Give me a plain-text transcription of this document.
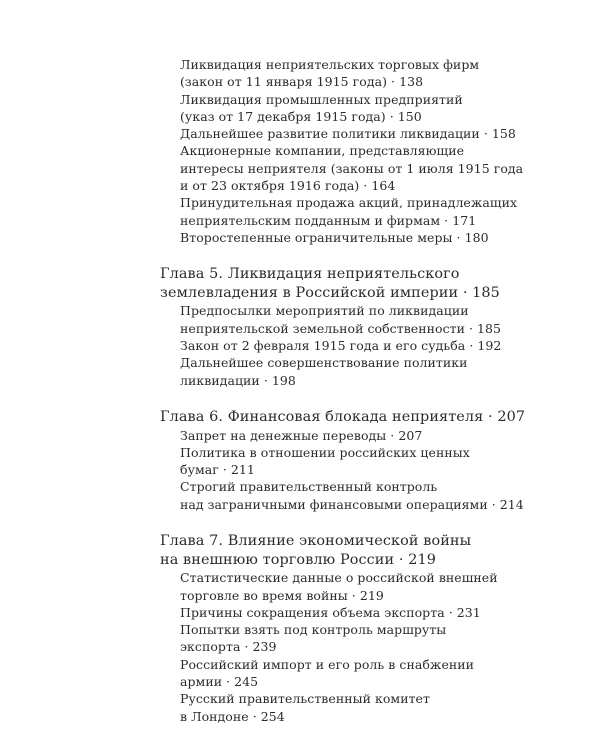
Ликвидация неприятельских торговых фирм
(закон от 11 января 1915 года) · 138
Ликвидация промышленных предприятий
(указ от 17 декабря 1915 года) · 150
Дальнейшее развитие политики ликвидации · 158
Акционерные компании, представляющие
интересы неприятеля (законы от 1 июля 1915 года
и от 23 октября 1916 года) · 164
Принудительная продажа акций, принадлежащих
неприятельским подданным и фирмам · 171
Второстепенные ограничительные меры · 180
Глава 5. Ликвидация неприятельского
землевладения в Российской империи · 185
Предпосылки мероприятий по ликвидации
неприятельской земельной собственности · 185
Закон от 2 февраля 1915 года и его судьба · 192
Дальнейшее совершенствование политики
ликвидации · 198
Глава 6. Финансовая блокада неприятеля · 207
Запрет на денежные переводы · 207
Политика в отношении российских ценных
бумаг · 211
Строгий правительственный контроль
над заграничными финансовыми операциями · 214
Глава 7. Влияние экономической войны
на внешнюю торговлю России · 219
Статистические данные о российской внешней
торговле во время войны · 219
Причины сокращения объема экспорта · 231
Попытки взять под контроль маршруты
экспорта · 239
Российский импорт и его роль в снабжении
армии · 245
Русский правительственный комитет
в Лондоне · 254
